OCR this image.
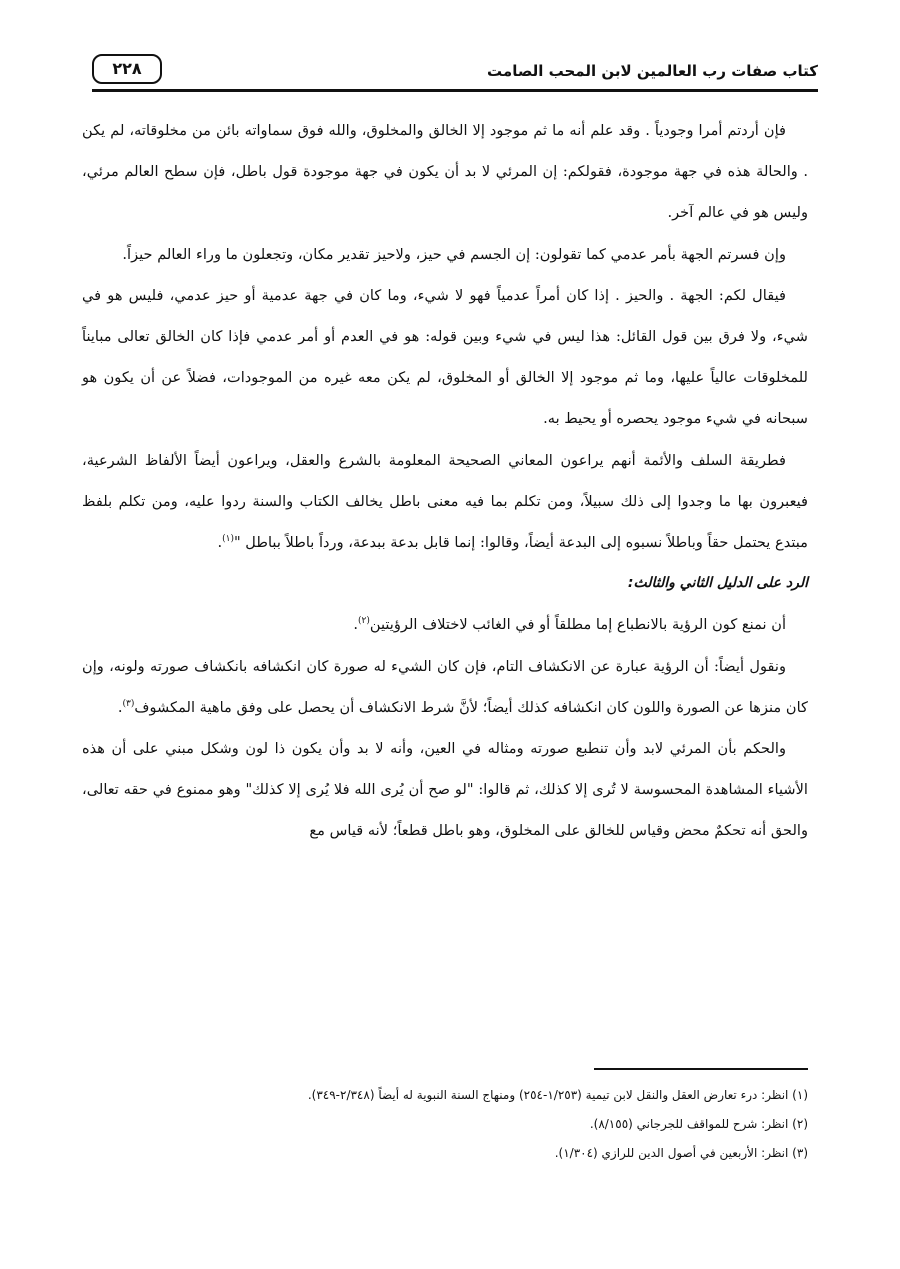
كتاب صفات رب العالمين لابن المحب الصامت
٢٢٨

فإن أردتم أمرا وجودياً . وقد علم أنه ما ثم موجود إلا الخالق والمخلوق، والله فوق سماواته بائن من مخلوقاته، لم يكن . والحالة هذه في جهة موجودة، فقولكم: إن المرئي لا بد أن يكون في جهة موجودة قول باطل، فإن سطح العالم مرئي، وليس هو في عالم آخر.

وإن فسرتم الجهة بأمر عدمي كما تقولون: إن الجسم في حيز، ولاحيز تقدير مكان، وتجعلون ما وراء العالم حيزاً.

فيقال لكم: الجهة . والحيز . إذا كان أمراً عدمياً فهو لا شيء، وما كان في جهة عدمية أو حيز عدمي، فليس هو في شيء، ولا فرق بين قول القائل: هذا ليس في شيء وبين قوله: هو في العدم أو أمر عدمي فإذا كان الخالق تعالى مبايناً للمخلوقات عالياً عليها، وما ثم موجود إلا الخالق أو المخلوق، لم يكن معه غيره من الموجودات، فضلاً عن أن يكون هو سبحانه في شيء موجود يحصره أو يحيط به.

فطريقة السلف والأئمة أنهم يراعون المعاني الصحيحة المعلومة بالشرع والعقل، ويراعون أيضاً الألفاظ الشرعية، فيعبرون بها ما وجدوا إلى ذلك سبيلاً، ومن تكلم بما فيه معنى باطل يخالف الكتاب والسنة ردوا عليه، ومن تكلم بلفظ مبتدع يحتمل حقاً وباطلاً نسبوه إلى البدعة أيضاً، وقالوا: إنما قابل بدعة ببدعة، ورداً باطلاً بباطل "$^{(١)}$.

الرد على الدليل الثاني والثالث:

أن نمنع كون الرؤية بالانطباع إما مطلقاً أو في الغائب لاختلاف الرؤيتين$^{(٢)}$.

ونقول أيضاً: أن الرؤية عبارة عن الانكشاف التام، فإن كان الشيء له صورة كان انكشافه بانكشاف صورته ولونه، وإن كان منزها عن الصورة واللون كان انكشافه كذلك أيضاً؛ لأنَّ شرط الانكشاف أن يحصل على وفق ماهية المكشوف$^{(٣)}$.

والحكم بأن المرئي لابد وأن تنطبع صورته ومثاله في العين، وأنه لا بد وأن يكون ذا لون وشكل مبني على أن هذه الأشياء المشاهدة المحسوسة لا تُرى إلا كذلك، ثم قالوا: "لو صح أن يُرى الله فلا يُرى إلا كذلك" وهو ممنوع في حقه تعالى، والحق أنه تحكمٌ محض وقياس للخالق على المخلوق، وهو باطل قطعاً؛ لأنه قياس مع

(١) انظر: درء تعارض العقل والنقل لابن تيمية (١/٢٥٣-٢٥٤) ومنهاج السنة النبوية له أيضاً (٢/٣٤٨-٣٤٩).

(٢) انظر: شرح للمواقف للجرجاني (٨/١٥٥).

(٣) انظر: الأربعين في أصول الدين للرازي (١/٣٠٤).
